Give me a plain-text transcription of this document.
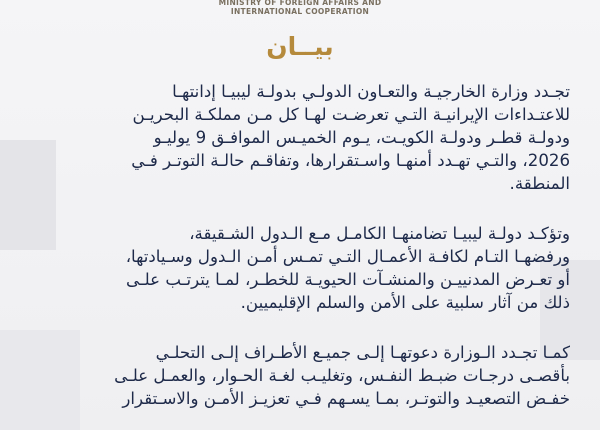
MINISTRY OF FOREIGN AFFAIRS AND
INTERNATIONAL COOPERATION
بيــان

تجـدد وزارة الخارجيـة والتعـاون الدولـي بدولـة ليبيـا إدانتهـا
للاعتـداءات الإيرانيـة التـي تعرضـت لهـا كل مـن مملكـة البحريـن
ودولـة قطـر ودولـة الكويـت، يـوم الخميـس الموافـق 9 يوليـو
2026، والتـي تهـدد أمنهـا واسـتقرارها، وتفاقـم حالـة التوتـر فـي
المنطقة.

وتؤكـد دولـة ليبيـا تضامنهـا الكامـل مـع الـدول الشـقيقة،
ورفضهـا التـام لكافـة الأعمـال التـي تمـس أمـن الـدول وسـيادتها،
أو تعـرض المدنييـن والمنشـآت الحيويـة للخطـر، لمـا يترتـب علـى
ذلك من آثار سلبية على الأمن والسلم الإقليميين.

كمـا تجـدد الـوزارة دعوتهـا إلـى جميـع الأطـراف إلـى التحلـي
بأقصـى درجـات ضبـط النفـس، وتغليـب لغـة الحـوار، والعمـل علـى
خفـض التصعيـد والتوتـر، بمـا يسـهم فـي تعزيـز الأمـن والاسـتقرار
